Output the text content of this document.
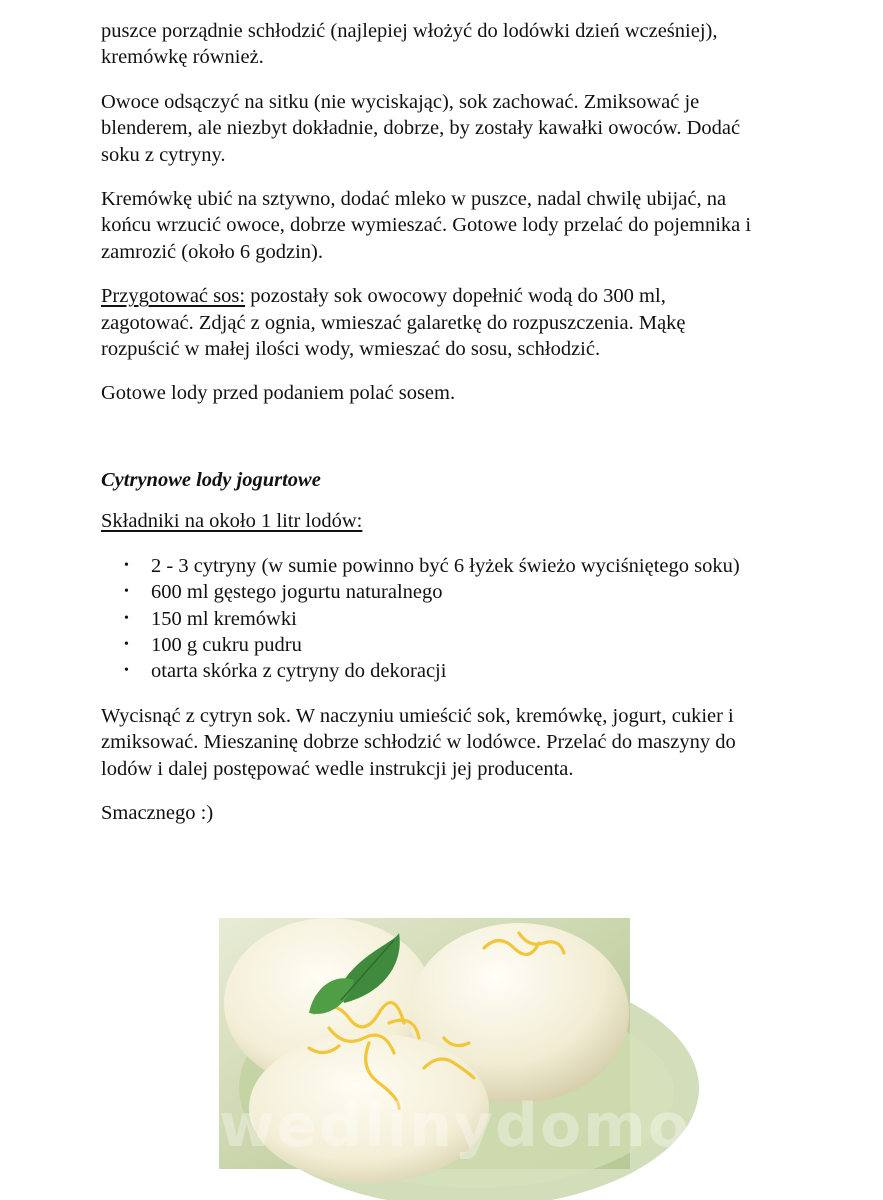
puszce porządnie schłodzić (najlepiej włożyć do lodówki dzień wcześniej), kremówkę również.

Owoce odsączyć na sitku (nie wyciskając), sok zachować. Zmiksować je blenderem, ale niezbyt dokładnie, dobrze, by zostały kawałki owoców. Dodać soku z cytryny.

Kremówkę ubić na sztywno, dodać mleko w puszce, nadal chwilę ubijać, na końcu wrzucić owoce, dobrze wymieszać. Gotowe lody przelać do pojemnika i zamrozić (około 6 godzin).

Przygotować sos: pozostały sok owocowy dopełnić wodą do 300 ml, zagotować. Zdjąć z ognia, wmieszać galaretkę do rozpuszczenia. Mąkę rozpuścić w małej ilości wody, wmieszać do sosu, schłodzić.

Gotowe lody przed podaniem polać sosem.

Cytrynowe lody jogurtowe

Składniki na około 1 litr lodów:

• 2 - 3 cytryny (w sumie powinno być 6 łyżek świeżo wyciśniętego soku)
• 600 ml gęstego jogurtu naturalnego
• 150 ml kremówki
• 100 g cukru pudru
• otarta skórka z cytryny do dekoracji

Wycisnąć z cytryn sok. W naczyniu umieścić sok, kremówkę, jogurt, cukier i zmiksować. Mieszaninę dobrze schłodzić w lodówce. Przelać do maszyny do lodów i dalej postępować wedle instrukcji jej producenta.

Smacznego :)

wedlinydomowe.pl
